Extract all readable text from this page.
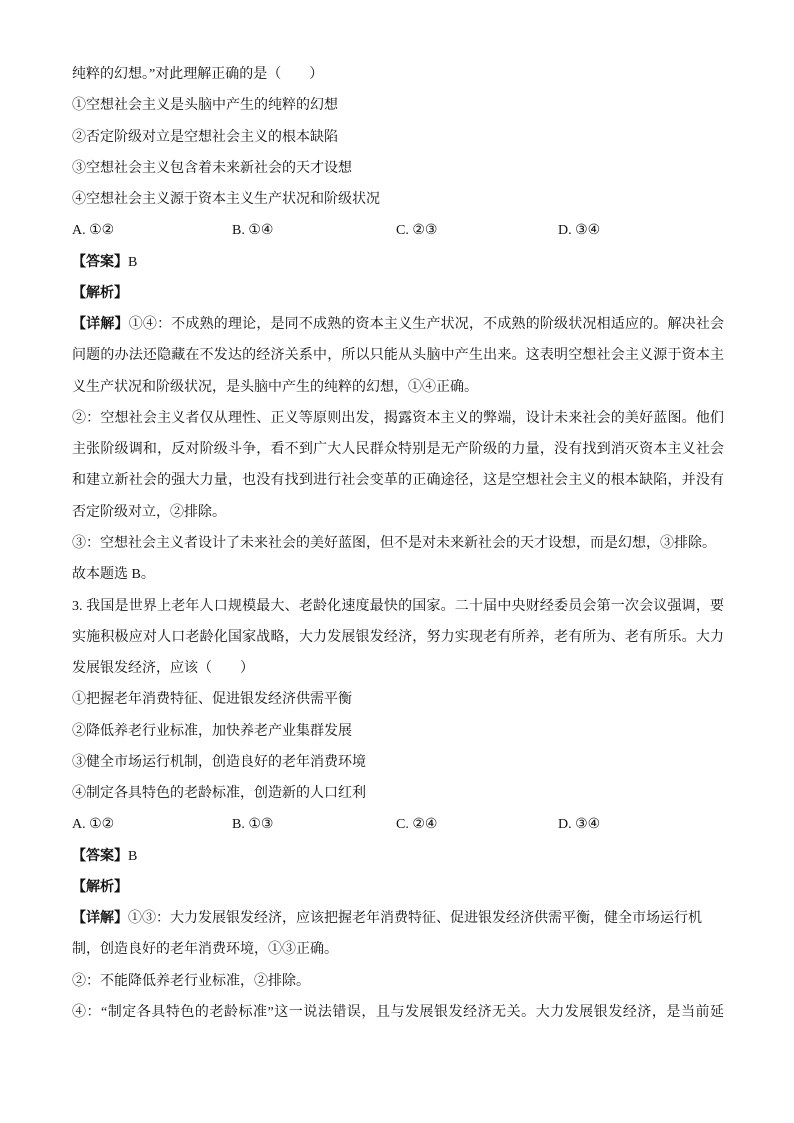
纯粹的幻想。”对此理解正确的是（　　）
①空想社会主义是头脑中产生的纯粹的幻想
②否定阶级对立是空想社会主义的根本缺陷
③空想社会主义包含着未来新社会的天才设想
④空想社会主义源于资本主义生产状况和阶级状况
A. ①②	B. ①④	C. ②③	D. ③④
【答案】B
【解析】
【详解】①④：不成熟的理论，是同不成熟的资本主义生产状况，不成熟的阶级状况相适应的。解决社会
问题的办法还隐藏在不发达的经济关系中，所以只能从头脑中产生出来。这表明空想社会主义源于资本主
义生产状况和阶级状况，是头脑中产生的纯粹的幻想，①④正确。
②：空想社会主义者仅从理性、正义等原则出发，揭露资本主义的弊端，设计未来社会的美好蓝图。他们
主张阶级调和，反对阶级斗争，看不到广大人民群众特别是无产阶级的力量，没有找到消灭资本主义社会
和建立新社会的强大力量，也没有找到进行社会变革的正确途径，这是空想社会主义的根本缺陷，并没有
否定阶级对立，②排除。
③：空想社会主义者设计了未来社会的美好蓝图，但不是对未来新社会的天才设想，而是幻想，③排除。
故本题选 B。
3. 我国是世界上老年人口规模最大、老龄化速度最快的国家。二十届中央财经委员会第一次会议强调，要
实施积极应对人口老龄化国家战略，大力发展银发经济，努力实现老有所养，老有所为、老有所乐。大力
发展银发经济，应该（　　）
①把握老年消费特征、促进银发经济供需平衡
②降低养老行业标准，加快养老产业集群发展
③健全市场运行机制，创造良好的老年消费环境
④制定各具特色的老龄标准，创造新的人口红利
A. ①②	B. ①③	C. ②④	D. ③④
【答案】B
【解析】
【详解】①③：大力发展银发经济，应该把握老年消费特征、促进银发经济供需平衡，健全市场运行机
制，创造良好的老年消费环境，①③正确。
②：不能降低养老行业标准，②排除。
④：“制定各具特色的老龄标准”这一说法错误，且与发展银发经济无关。大力发展银发经济，是当前延
